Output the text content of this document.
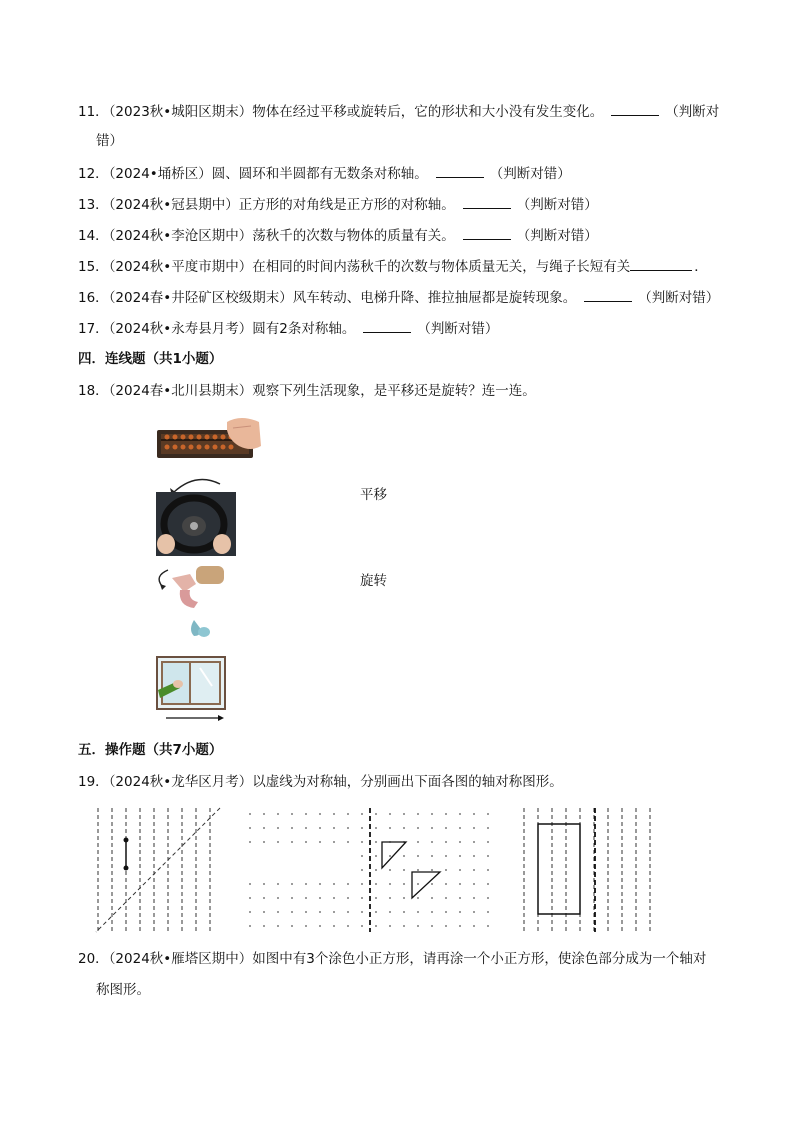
11．（2023秋•城阳区期末）物体在经过平移或旋转后，它的形状和大小没有发生变化。	（判断对
错）
12．（2024•埇桥区）圆、圆环和半圆都有无数条对称轴。	（判断对错）
13．（2024秋•冠县期中）正方形的对角线是正方形的对称轴。	（判断对错）
14．（2024秋•李沧区期中）荡秋千的次数与物体的质量有关。	（判断对错）
15．（2024秋•平度市期中）在相同的时间内荡秋千的次数与物体质量无关，与绳子长短有关	．
16．（2024春•井陉矿区校级期末）风车转动、电梯升降、推拉抽屉都是旋转现象。	（判断对错）
17．（2024秋•永寿县月考）圆有2条对称轴。	（判断对错）
四．连线题（共1小题）
18．（2024春•北川县期末）观察下列生活现象，是平移还是旋转？连一连。
平移
旋转
五．操作题（共7小题）
19．（2024秋•龙华区月考）以虚线为对称轴，分别画出下面各图的轴对称图形。
20．（2024秋•雁塔区期中）如图中有3个涂色小正方形，请再涂一个小正方形，使涂色部分成为一个轴对
称图形。
